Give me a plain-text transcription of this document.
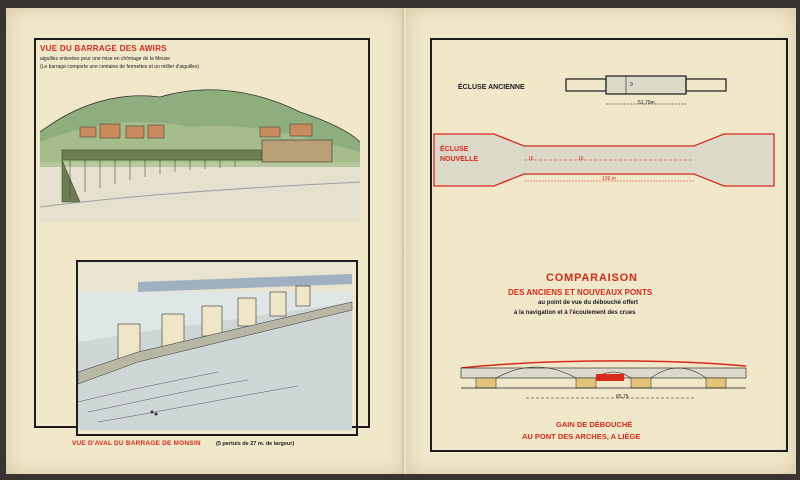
VUE DU BARRAGE DES AWIRS
aiguilles enlevées pour une mise en chômage de la Meuse
(Le barrage comporte une centaine de fermettes et un millier d'aiguilles)
VUE D'AVAL DU BARRAGE DE MONSIN	(5 pertuis de 27 m. de largeur)
ÉCLUSE ANCIENNE	9
51,70m
ÉCLUSE
NOUVELLE	16	16
136 m
COMPARAISON
DES ANCIENS ET NOUVEAUX PONTS
au point de vue du débouché offert
à la navigation et à l'écoulement des crues
65,75
GAIN DE DÉBOUCHÉ
AU PONT DES ARCHES, A LIÈGE
